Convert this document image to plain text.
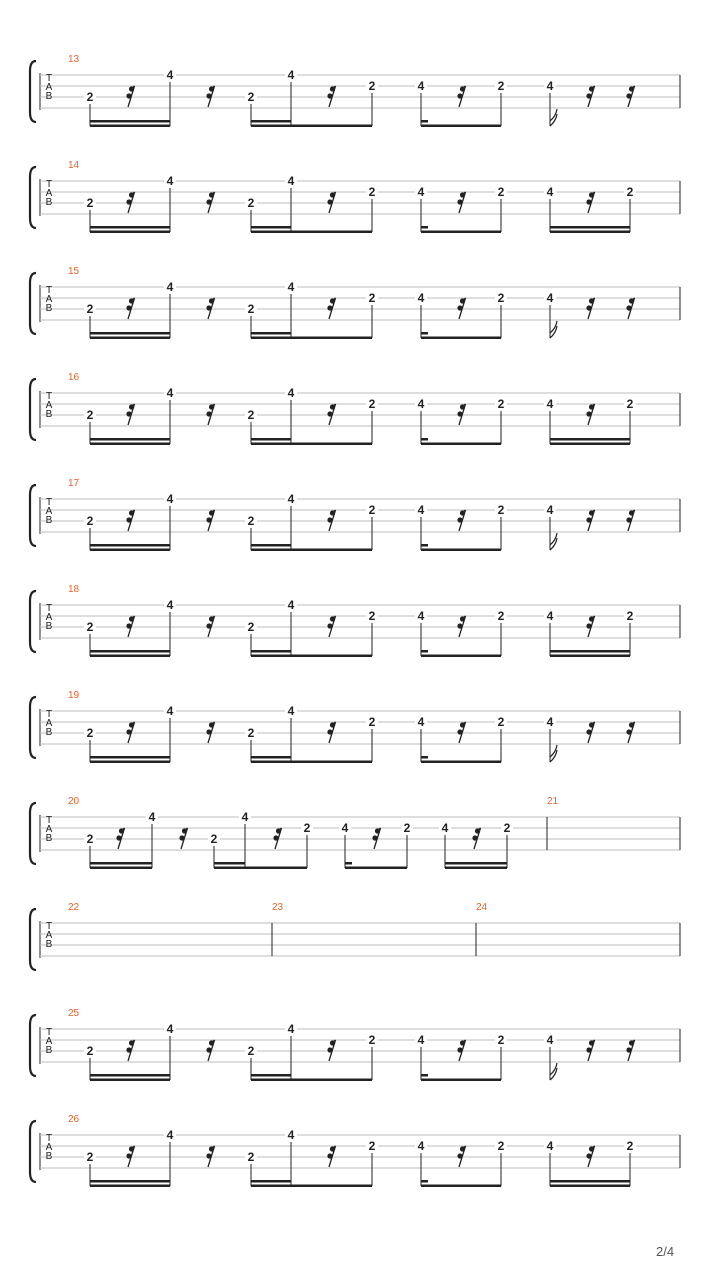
T
A
B
13
2
4
2
4
2	4	2	4
T
A
B
14
2
4
2
4
2	4	2	4	2
T
A
B
15
2
4
2
4
2	4	2	4
T
A
B
16
2
4
2
4
2	4	2	4	2
T
A
B
17
2
4
2
4
2	4	2	4
T
A
B
18
2
4
2
4
2	4	2	4	2
T
A
B
19
2
4
2
4
2	4	2	4
T
A
B
20	21
2
4
2
4
2	4	2	4	2
T
A
B
22	23	24
T
A
B
25
2
4
2
4
2	4	2	4
T
A
B
26
2
4
2
4
2	4	2	4	2
2/4
